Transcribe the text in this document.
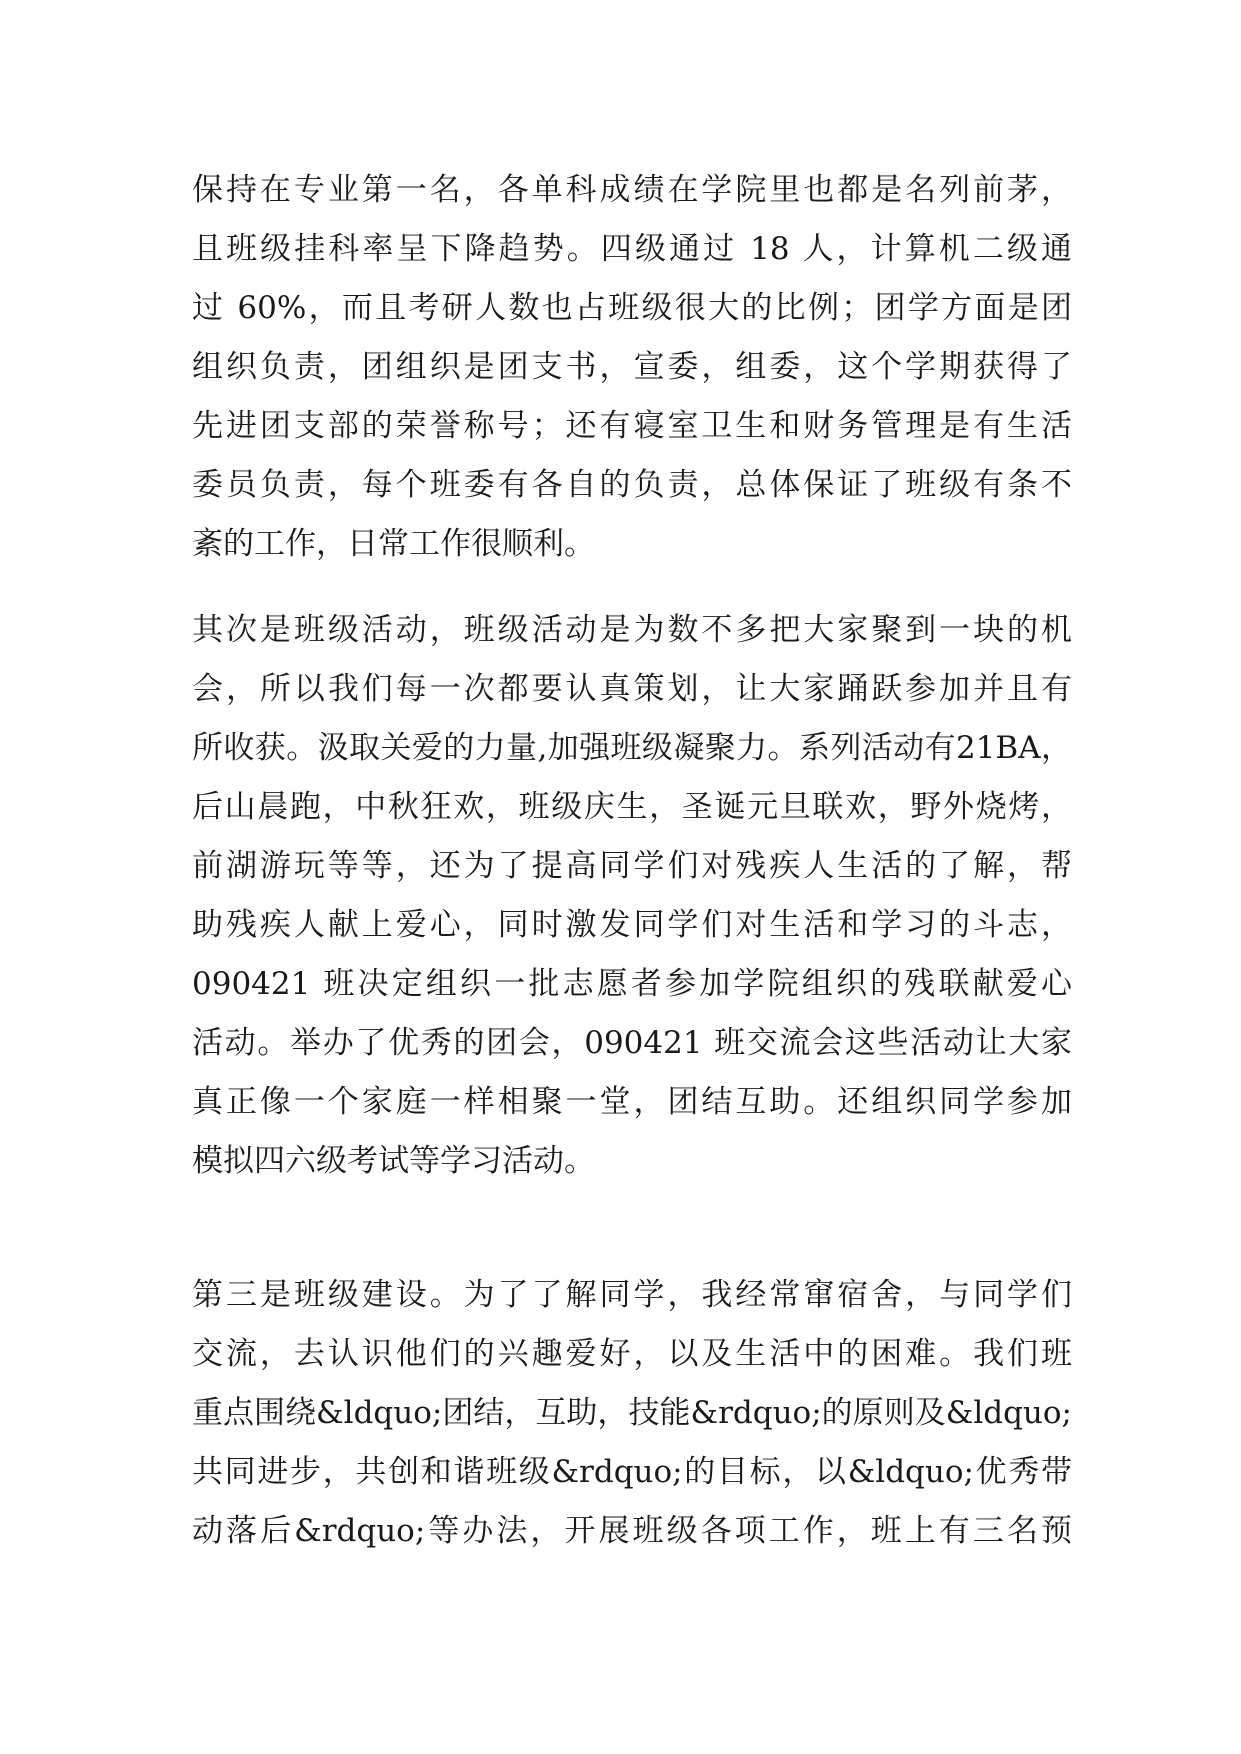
保持在专业第一名，各单科成绩在学院里也都是名列前茅，
且班级挂科率呈下降趋势。四级通过 18 人，计算机二级通
过 60%，而且考研人数也占班级很大的比例；团学方面是团
组织负责，团组织是团支书，宣委，组委，这个学期获得了
先进团支部的荣誉称号；还有寝室卫生和财务管理是有生活
委员负责，每个班委有各自的负责，总体保证了班级有条不
紊的工作，日常工作很顺利。
其次是班级活动，班级活动是为数不多把大家聚到一块的机
会，所以我们每一次都要认真策划，让大家踊跃参加并且有
所收获。汲取关爱的力量,加强班级凝聚力。系列活动有21BA，
后山晨跑，中秋狂欢，班级庆生，圣诞元旦联欢，野外烧烤，
前湖游玩等等，还为了提高同学们对残疾人生活的了解，帮
助残疾人献上爱心，同时激发同学们对生活和学习的斗志，
090421 班决定组织一批志愿者参加学院组织的残联献爱心
活动。举办了优秀的团会，090421 班交流会这些活动让大家
真正像一个家庭一样相聚一堂，团结互助。还组织同学参加
模拟四六级考试等学习活动。
第三是班级建设。为了了解同学，我经常窜宿舍，与同学们
交流，去认识他们的兴趣爱好，以及生活中的困难。我们班
重点围绕&ldquo;团结，互助，技能&rdquo;的原则及&ldquo;
共同进步，共创和谐班级&rdquo;的目标，以&ldquo;优秀带
动落后&rdquo;等办法，开展班级各项工作，班上有三名预
